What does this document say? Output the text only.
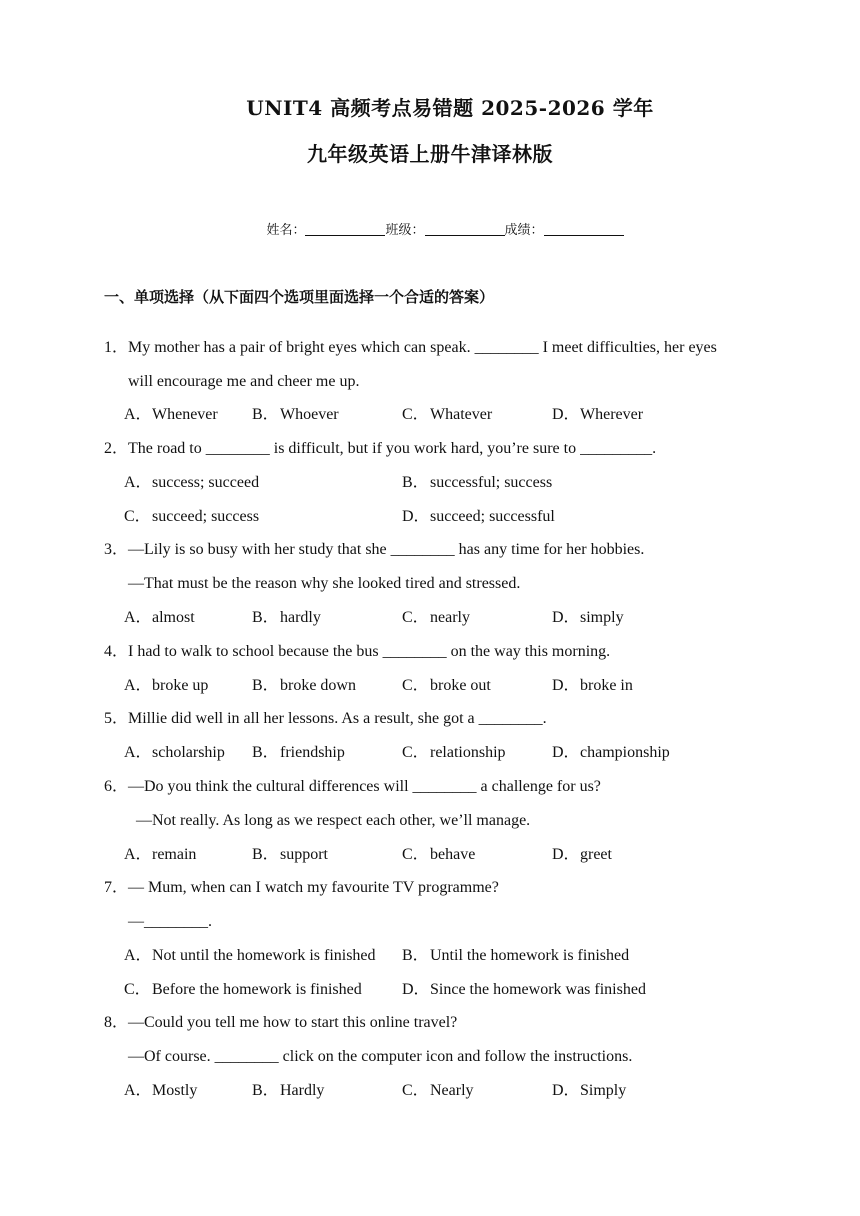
UNIT4 高频考点易错题 2025-2026 学年
九年级英语上册牛津译林版
姓名：	班级：	成绩：
一、单项选择（从下面四个选项里面选择一个合适的答案）
1．My mother has a pair of bright eyes which can speak. ________ I meet difficulties, her eyes
will encourage me and cheer me up.
A．Whenever B．Whoever	C．Whatever	D．Wherever
2．The road to ________ is difficult, but if you work hard, you’re sure to _________.
A．success; succeed	B．successful; success
C．succeed; success	D．succeed; successful
3．—Lily is so busy with her study that she ________ has any time for her hobbies.
—That must be the reason why she looked tired and stressed.
A．almost	B．hardly	C．nearly	D．simply
4．I had to walk to school because the bus ________ on the way this morning.
A．broke up	B．broke down	C．broke out	D．broke in
5．Millie did well in all her lessons. As a result, she got a ________.
A．scholarship B．friendship	C．relationship	D．championship
6．—Do you think the cultural differences will ________ a challenge for us?
—Not really. As long as we respect each other, we’ll manage.
A．remain	B．support	C．behave	D．greet
7．— Mum, when can I watch my favourite TV programme?
—________.
A．Not until the homework is finished B．Until the homework is finished
C．Before the homework is finished	D．Since the homework was finished
8．—Could you tell me how to start this online travel?
—Of course. ________ click on the computer icon and follow the instructions.
A．Mostly	B．Hardly	C．Nearly	D．Simply
